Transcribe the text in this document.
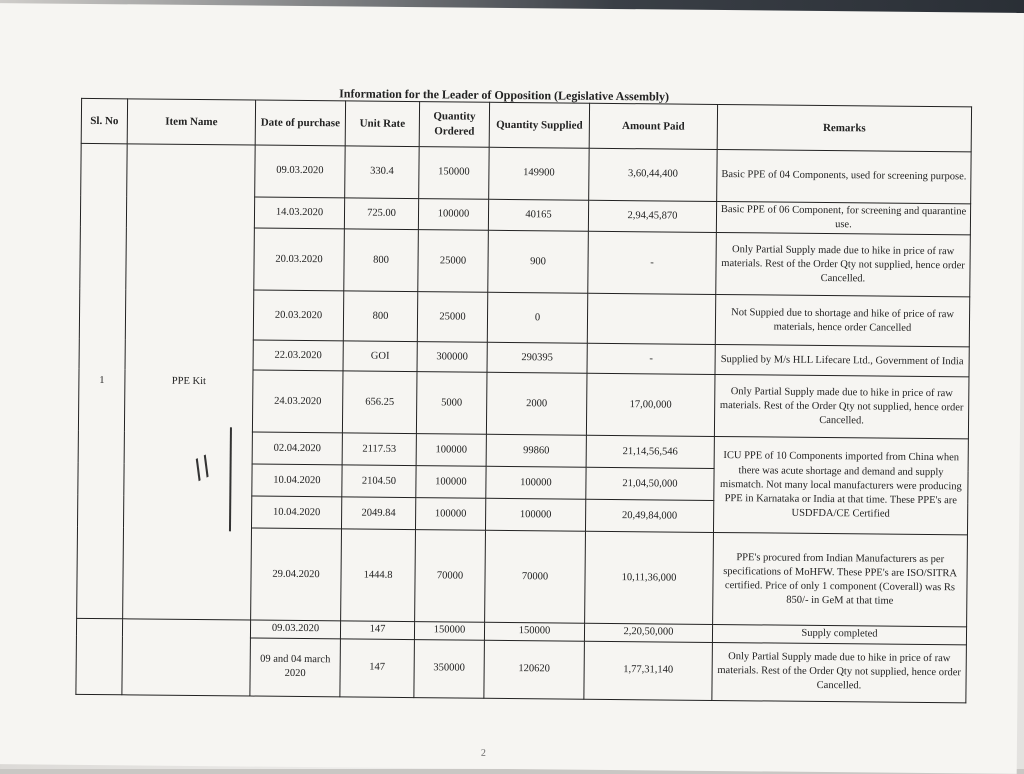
Information for the Leader of Opposition (Legislative Assembly)
Sl. No	Item Name	Date of purchase	Unit Rate	Quantity Ordered	Quantity Supplied	Amount Paid	Remarks
1	PPE Kit	09.03.2020	330.4	150000	149900	3,60,44,400	Basic PPE of 04 Components, used for screening purpose.
		14.03.2020	725.00	100000	40165	2,94,45,870	Basic PPE of 06 Component, for screening and quarantine use.
		20.03.2020	800	25000	900	-	Only Partial Supply made due to hike in price of raw materials. Rest of the Order Qty not supplied, hence order Cancelled.
		20.03.2020	800	25000	0		Not Suppied due to shortage and hike of price of raw materials, hence order Cancelled
		22.03.2020	GOI	300000	290395	-	Supplied by M/s HLL Lifecare Ltd., Government of India
		24.03.2020	656.25	5000	2000	17,00,000	Only Partial Supply made due to hike in price of raw materials. Rest of the Order Qty not supplied, hence order Cancelled.
		02.04.2020	2117.53	100000	99860	21,14,56,546	ICU PPE of 10 Components imported from China when there was acute shortage and demand and supply mismatch. Not many local manufacturers were producing PPE in Karnataka or India at that time. These PPE's are USDFDA/CE Certified
		10.04.2020	2104.50	100000	100000	21,04,50,000	
		10.04.2020	2049.84	100000	100000	20,49,84,000	
		29.04.2020	1444.8	70000	70000	10,11,36,000	PPE's procured from Indian Manufacturers as per specifications of MoHFW. These PPE's are ISO/SITRA certified. Price of only 1 component (Coverall) was Rs 850/- in GeM at that time
		09.03.2020	147	150000	150000	2,20,50,000	Supply completed
		09 and 04 march 2020	147	350000	120620	1,77,31,140	Only Partial Supply made due to hike in price of raw materials. Rest of the Order Qty not supplied, hence order Cancelled.
//
2
